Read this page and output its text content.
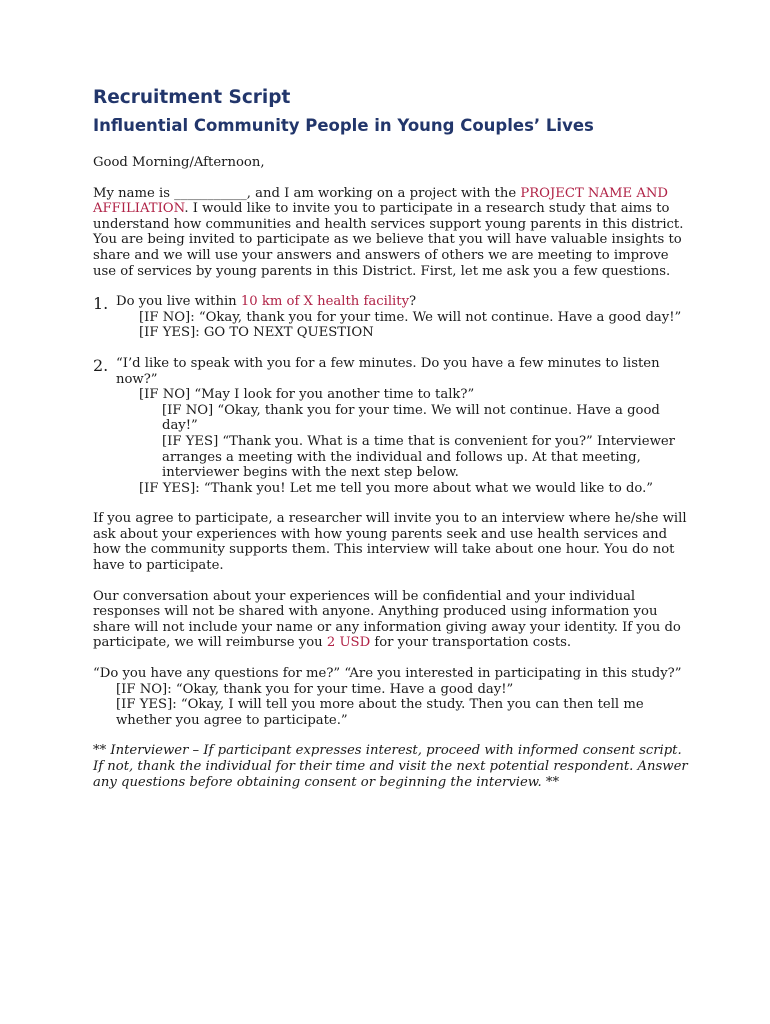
Recruitment Script
Influential Community People in Young Couples’ Lives

Good Morning/Afternoon,

My name is ___________, and I am working on a project with the PROJECT NAME AND AFFILIATION. I would like to invite you to participate in a research study that aims to understand how communities and health services support young parents in this district. You are being invited to participate as we believe that you will have valuable insights to share and we will use your answers and answers of others we are meeting to improve use of services by young parents in this District. First, let me ask you a few questions.

1. Do you live within 10 km of X health facility?
[IF NO]: “Okay, thank you for your time. We will not continue. Have a good day!”
[IF YES]: GO TO NEXT QUESTION
2. “I’d like to speak with you for a few minutes. Do you have a few minutes to listen now?”
[IF NO] “May I look for you another time to talk?”
[IF NO] “Okay, thank you for your time. We will not continue. Have a good day!”
[IF YES] “Thank you. What is a time that is convenient for you?” Interviewer arranges a meeting with the individual and follows up. At that meeting, interviewer begins with the next step below.
[IF YES]: “Thank you! Let me tell you more about what we would like to do.”

If you agree to participate, a researcher will invite you to an interview where he/she will ask about your experiences with how young parents seek and use health services and how the community supports them. This interview will take about one hour. You do not have to participate.

Our conversation about your experiences will be confidential and your individual responses will not be shared with anyone. Anything produced using information you share will not include your name or any information giving away your identity. If you do participate, we will reimburse you 2 USD for your transportation costs.

“Do you have any questions for me?” “Are you interested in participating in this study?”
[IF NO]: “Okay, thank you for your time. Have a good day!”
[IF YES]: “Okay, I will tell you more about the study. Then you can then tell me whether you agree to participate.”

** Interviewer – If participant expresses interest, proceed with informed consent script. If not, thank the individual for their time and visit the next potential respondent. Answer any questions before obtaining consent or beginning the interview. **
